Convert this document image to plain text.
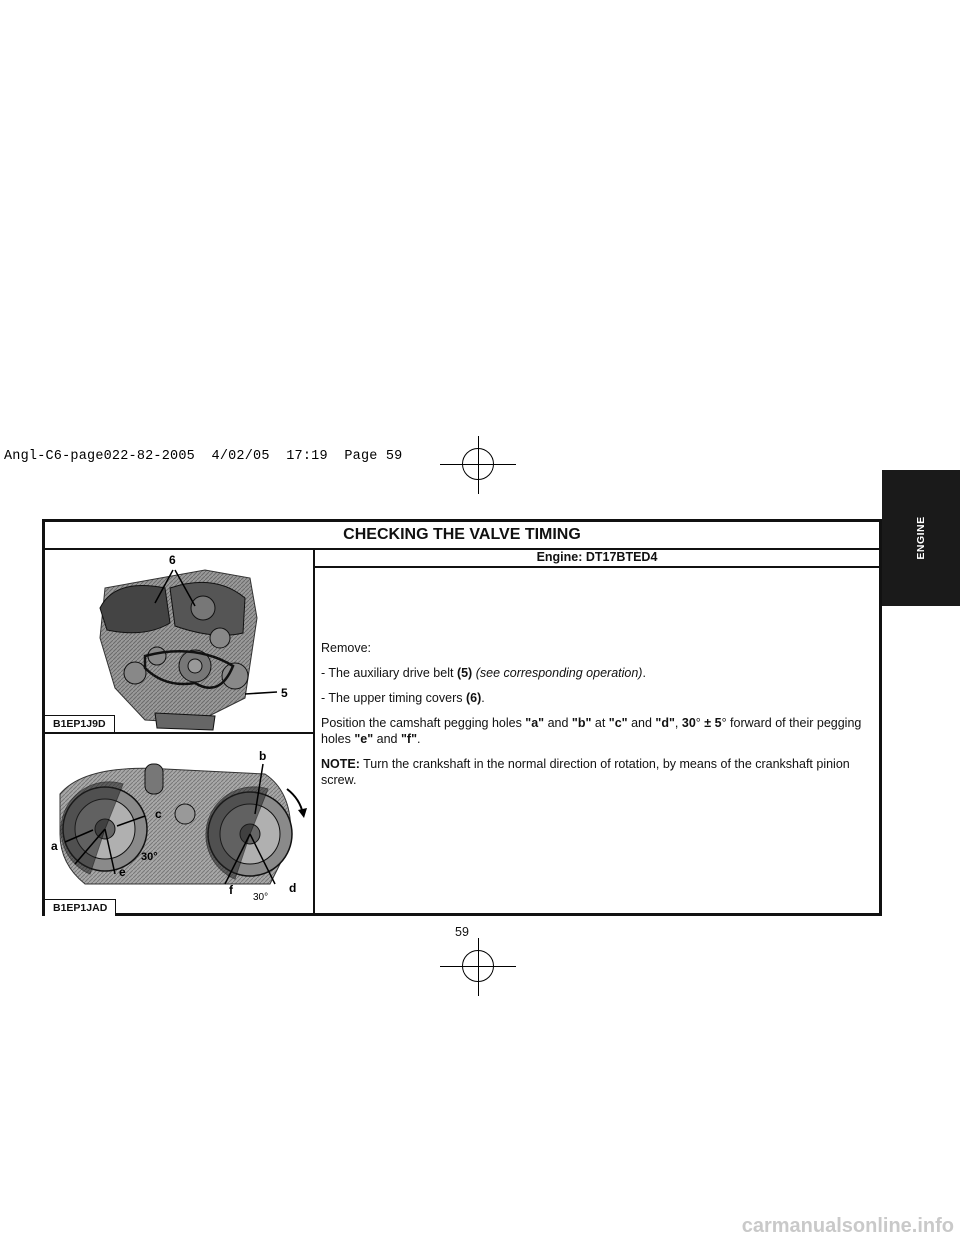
Angl-C6-page022-82-2005  4/02/05  17:19  Page 59
ENGINE
CHECKING THE VALVE TIMING
6
5
B1EP1J9D
a
b
c
d
e
f
30°
30°
B1EP1JAD
Engine: DT17BTED4

Remove:

- The auxiliary drive belt (5) (see corresponding operation).

- The upper timing covers (6).

Position the camshaft pegging holes "a" and "b" at "c" and "d", 30° ± 5° forward of their pegging holes "e" and "f".

NOTE: Turn the crankshaft in the normal direction of rotation, by means of the crankshaft pinion screw.

59
carmanualsonline.info
